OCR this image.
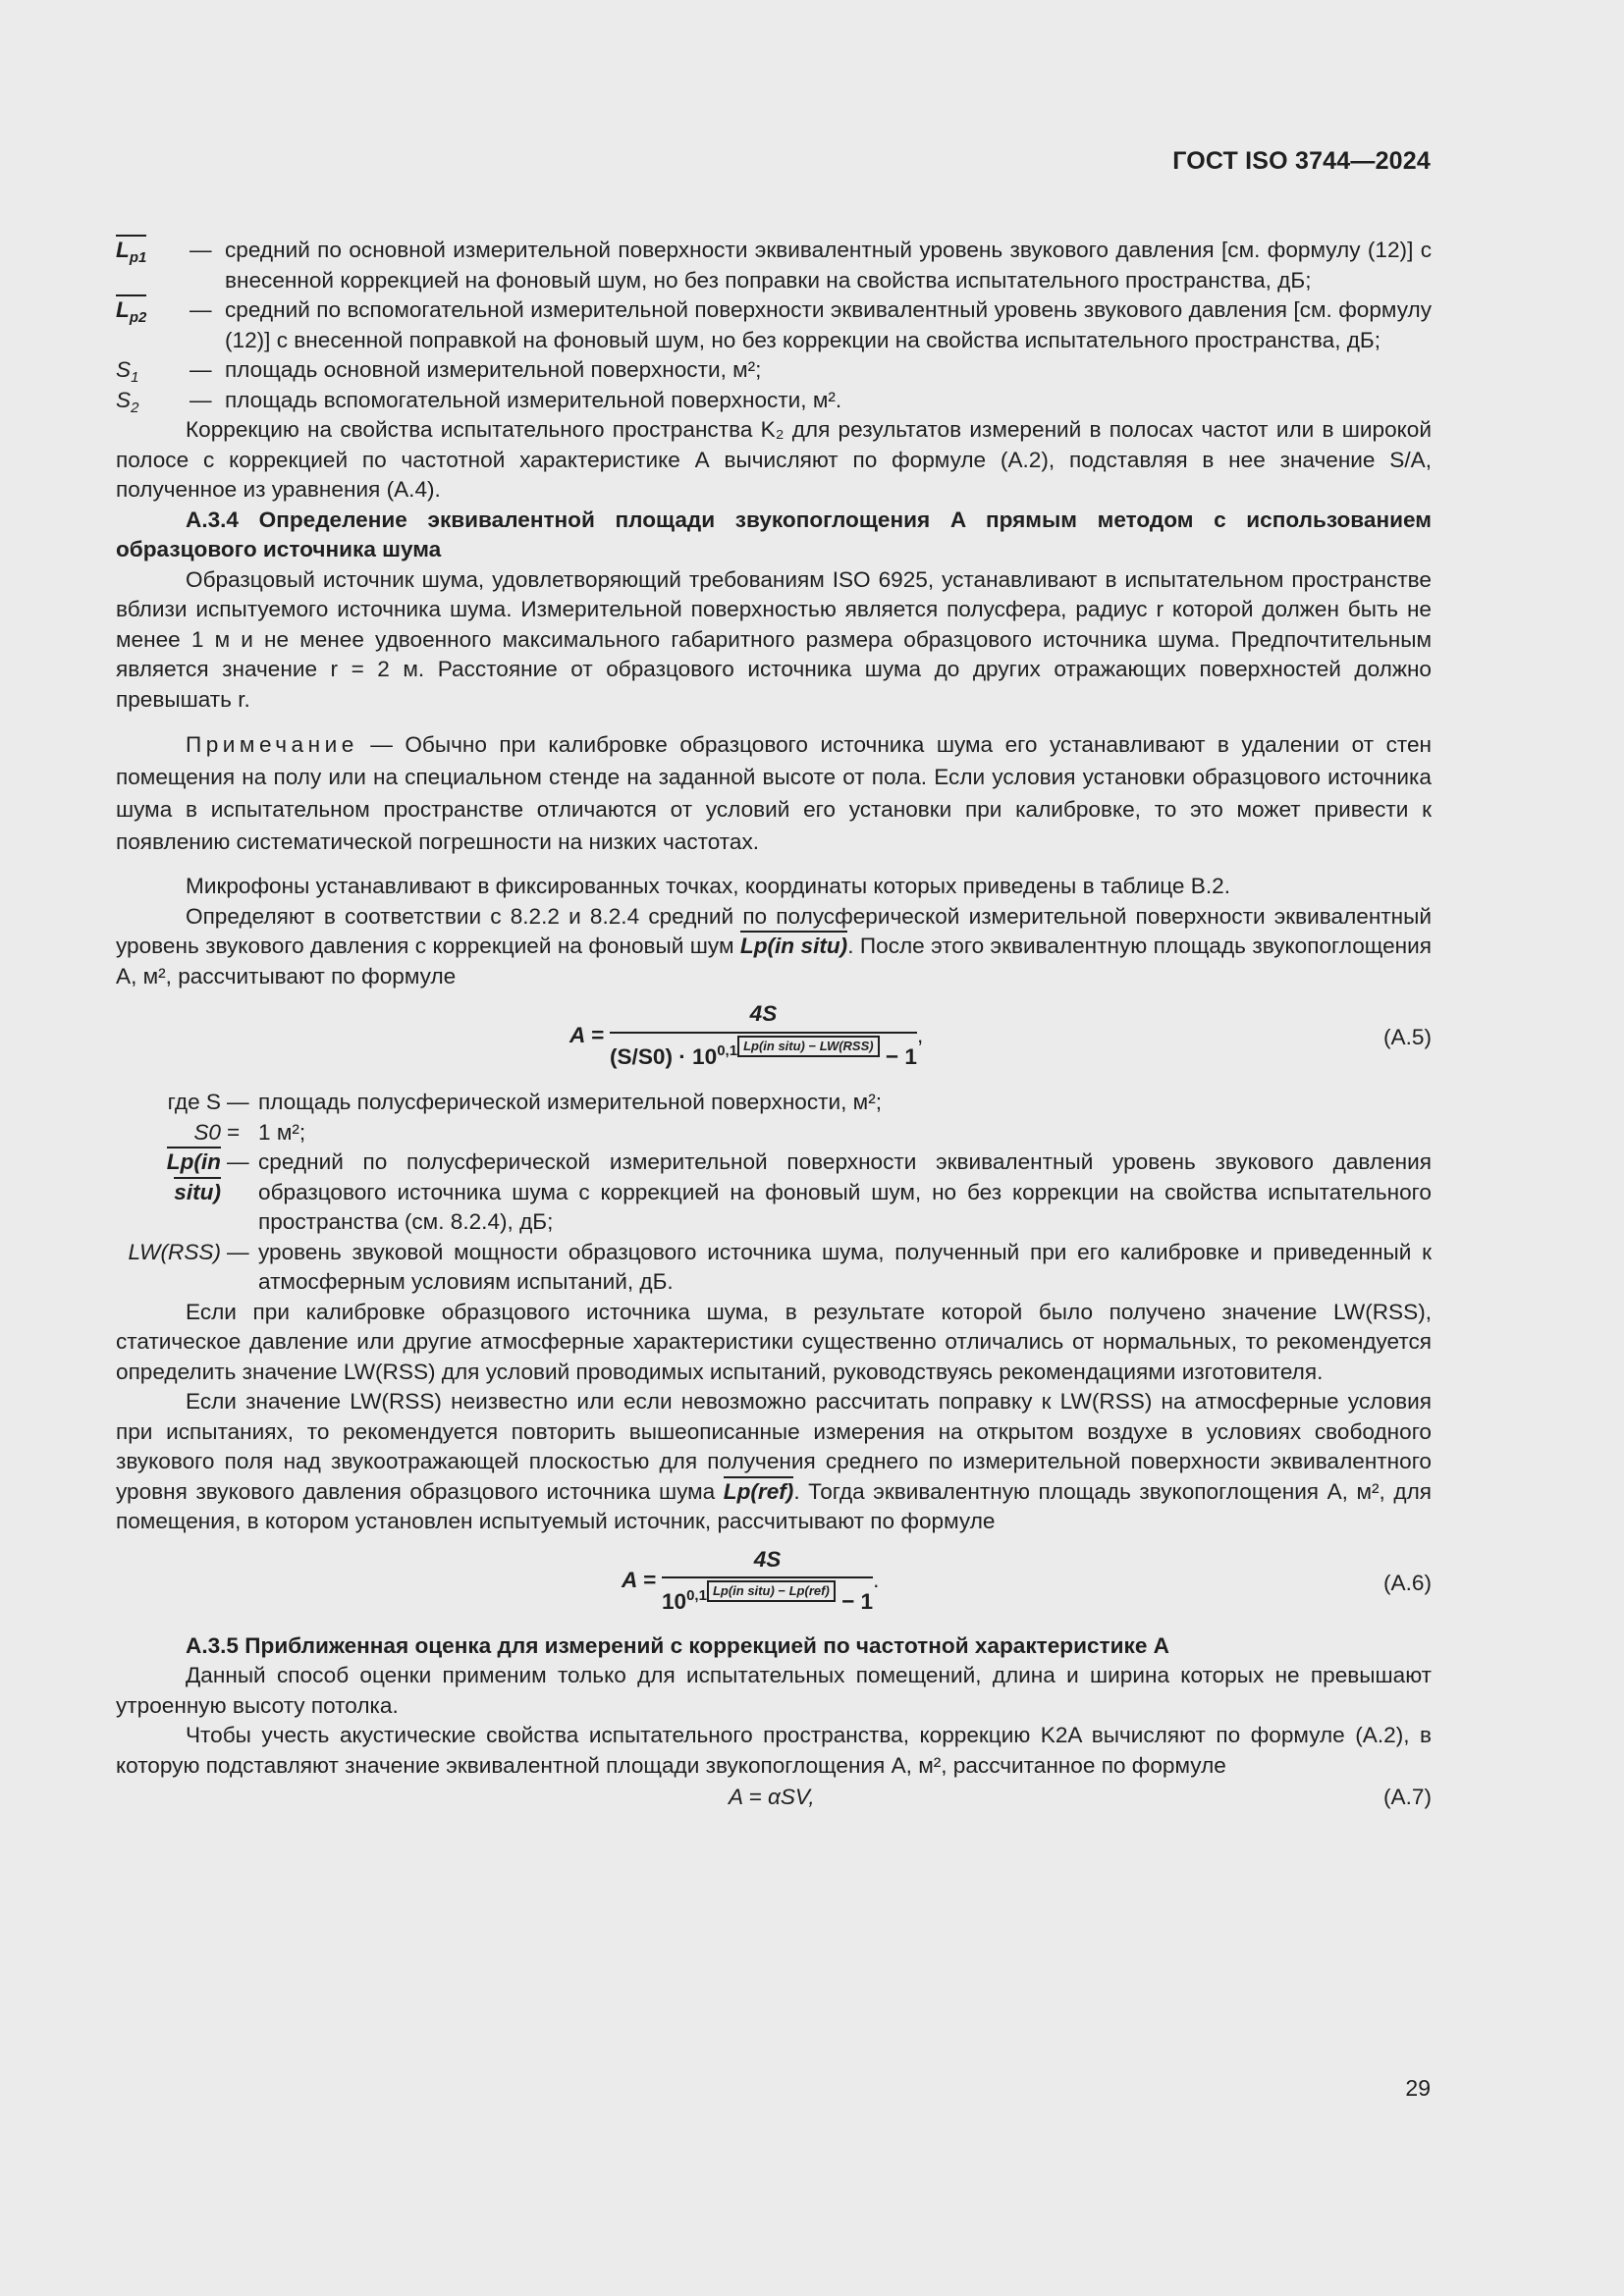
ГОСТ ISO 3744—2024
$L_{p1}$	— средний по основной измерительной поверхности эквивалентный уровень звукового давления [см. формулу (12)] с внесенной коррекцией на фоновый шум, но без поправки на свойства испытательного пространства, дБ;
$L_{p2}$	— средний по вспомогательной измерительной поверхности эквивалентный уровень звукового давления [см. формулу (12)] с внесенной поправкой на фоновый шум, но без коррекции на свойства испытательного пространства, дБ;
$S_1$	— площадь основной измерительной поверхности, м²;
$S_2$	— площадь вспомогательной измерительной поверхности, м².

Коррекцию на свойства испытательного пространства K₂ для результатов измерений в полосах частот или в широкой полосе с коррекцией по частотной характеристике А вычисляют по формуле (А.2), подставляя в нее значение S/A, полученное из уравнения (А.4).

А.3.4 Определение эквивалентной площади звукопоглощения A прямым методом с использованием образцового источника шума

Образцовый источник шума, удовлетворяющий требованиям ISO 6925, устанавливают в испытательном пространстве вблизи испытуемого источника шума. Измерительной поверхностью является полусфера, радиус r которой должен быть не менее 1 м и не менее удвоенного максимального габаритного размера образцового источника шума. Предпочтительным является значение r = 2 м. Расстояние от образцового источника шума до других отражающих поверхностей должно превышать r.

Примечание — Обычно при калибровке образцового источника шума его устанавливают в удалении от стен помещения на полу или на специальном стенде на заданной высоте от пола. Если условия установки образцового источника шума в испытательном пространстве отличаются от условий его установки при калибровке, то это может привести к появлению систематической погрешности на низких частотах.

Микрофоны устанавливают в фиксированных точках, координаты которых приведены в таблице В.2.

Определяют в соответствии с 8.2.2 и 8.2.4 средний по полусферической измерительной поверхности эквивалентный уровень звукового давления с коррекцией на фоновый шум Lp(in situ). После этого эквивалентную площадь звукопоглощения A, м², рассчитывают по формуле

$A = \frac{4S}{(S/S0) \cdot 10^{0,1} Lp(in situ) - LW(RSS) - 1}$ ,	(А.5)
где S — площадь полусферической измерительной поверхности, м²;
S0 = 1 м²;
Lp(in situ)
— средний по полусферической измерительной поверхности эквивалентный уровень звукового давления образцового источника шума с коррекцией на фоновый шум, но без коррекции на свойства испытательного пространства (см. 8.2.4), дБ;
LW(RSS) — уровень звуковой мощности образцового источника шума, полученный при его калибровке и приведенный к атмосферным условиям испытаний, дБ.

Если при калибровке образцового источника шума, в результате которой было получено значение LW(RSS), статическое давление или другие атмосферные характеристики существенно отличались от нормальных, то рекомендуется определить значение LW(RSS) для условий проводимых испытаний, руководствуясь рекомендациями изготовителя.

Если значение LW(RSS) неизвестно или если невозможно рассчитать поправку к LW(RSS) на атмосферные условия при испытаниях, то рекомендуется повторить вышеописанные измерения на открытом воздухе в условиях свободного звукового поля над звукоотражающей плоскостью для получения среднего по измерительной поверхности эквивалентного уровня звукового давления образцового источника шума Lp(ref). Тогда эквивалентную площадь звукопоглощения A, м², для помещения, в котором установлен испытуемый источник, рассчитывают по формуле

$A = \frac{4S}{10^{0,1} Lp(in situ) - Lp(ref) - 1}$ .	(А.6)

А.3.5 Приближенная оценка для измерений с коррекцией по частотной характеристике А

Данный способ оценки применим только для испытательных помещений, длина и ширина которых не превышают утроенную высоту потолка.

Чтобы учесть акустические свойства испытательного пространства, коррекцию K2A вычисляют по формуле (А.2), в которую подставляют значение эквивалентной площади звукопоглощения A, м², рассчитанное по формуле

A = αSV,	(А.7)
29
